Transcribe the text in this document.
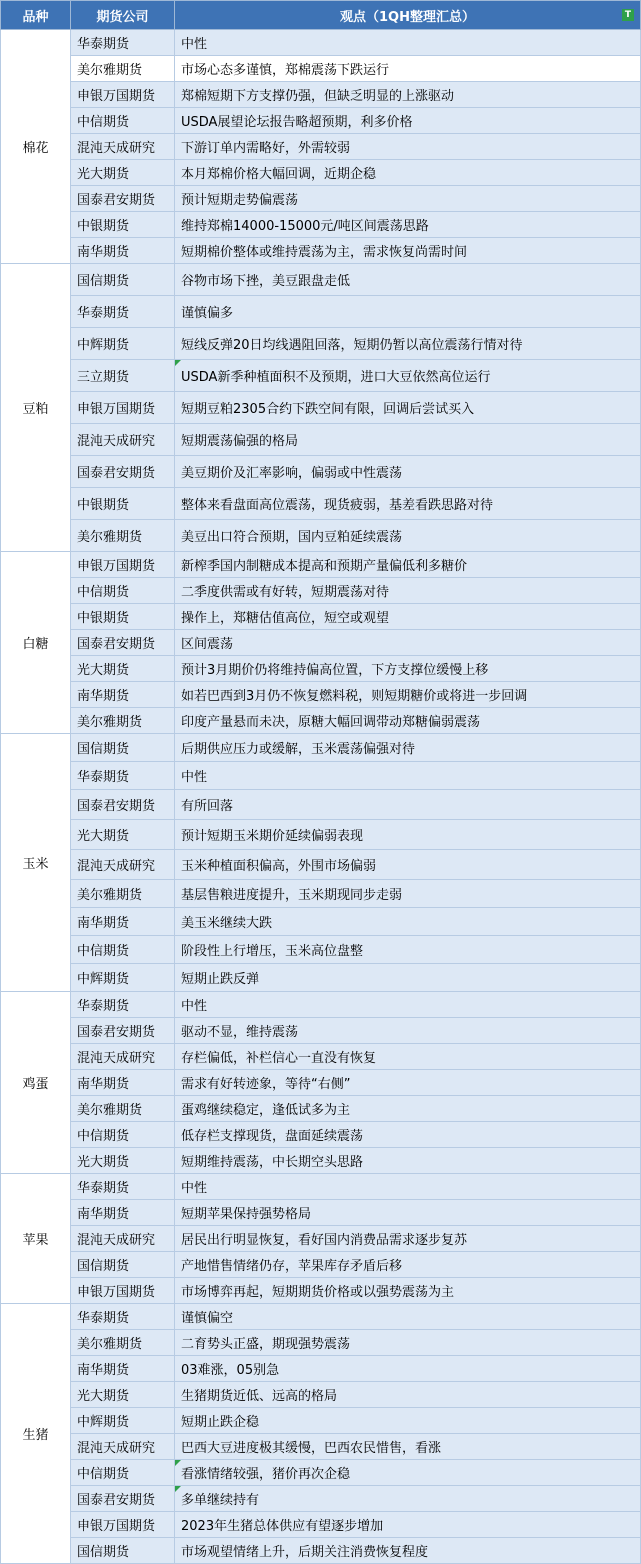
品种	期货公司	观点（1QH整理汇总） T

棉花	华泰期货	中性
	美尔雅期货	市场心态多谨慎，郑棉震荡下跌运行
	申银万国期货	郑棉短期下方支撑仍强，但缺乏明显的上涨驱动
	中信期货	USDA展望论坛报告略超预期，利多价格
	混沌天成研究	下游订单内需略好，外需较弱
	光大期货	本月郑棉价格大幅回调，近期企稳
	国泰君安期货	预计短期走势偏震荡
	中银期货	维持郑棉14000-15000元/吨区间震荡思路
	南华期货	短期棉价整体或维持震荡为主，需求恢复尚需时间
豆粕	国信期货	谷物市场下挫，美豆跟盘走低
	华泰期货	谨慎偏多
	中辉期货	短线反弹20日均线遇阻回落，短期仍暂以高位震荡行情对待
	三立期货	USDA新季种植面积不及预期，进口大豆依然高位运行
	申银万国期货	短期豆粕2305合约下跌空间有限，回调后尝试买入
	混沌天成研究	短期震荡偏强的格局
	国泰君安期货	美豆期价及汇率影响，偏弱或中性震荡
	中银期货	整体来看盘面高位震荡，现货疲弱，基差看跌思路对待
	美尔雅期货	美豆出口符合预期，国内豆粕延续震荡
白糖	申银万国期货	新榨季国内制糖成本提高和预期产量偏低利多糖价
	中信期货	二季度供需或有好转，短期震荡对待
	中银期货	操作上，郑糖估值高位，短空或观望
	国泰君安期货	区间震荡
	光大期货	预计3月期价仍将维持偏高位置，下方支撑位缓慢上移
	南华期货	如若巴西到3月仍不恢复燃料税，则短期糖价或将进一步回调
	美尔雅期货	印度产量悬而未决，原糖大幅回调带动郑糖偏弱震荡
玉米	国信期货	后期供应压力或缓解，玉米震荡偏强对待
	华泰期货	中性
	国泰君安期货	有所回落
	光大期货	预计短期玉米期价延续偏弱表现
	混沌天成研究	玉米种植面积偏高，外围市场偏弱
	美尔雅期货	基层售粮进度提升，玉米期现同步走弱
	南华期货	美玉米继续大跌
	中信期货	阶段性上行增压，玉米高位盘整
	中辉期货	短期止跌反弹
鸡蛋	华泰期货	中性
	国泰君安期货	驱动不显，维持震荡
	混沌天成研究	存栏偏低，补栏信心一直没有恢复
	南华期货	需求有好转迹象，等待“右侧”
	美尔雅期货	蛋鸡继续稳定，逢低试多为主
	中信期货	低存栏支撑现货，盘面延续震荡
	光大期货	短期维持震荡，中长期空头思路
苹果	华泰期货	中性
	南华期货	短期苹果保持强势格局
	混沌天成研究	居民出行明显恢复，看好国内消费品需求逐步复苏
	国信期货	产地惜售情绪仍存，苹果库存矛盾后移
	申银万国期货	市场博弈再起，短期期货价格或以强势震荡为主
生猪	华泰期货	谨慎偏空
	美尔雅期货	二育势头正盛，期现强势震荡
	南华期货	03难涨，05别急
	光大期货	生猪期货近低、远高的格局
	中辉期货	短期止跌企稳
	混沌天成研究	巴西大豆进度极其缓慢，巴西农民惜售，看涨
	中信期货	看涨情绪较强，猪价再次企稳
	国泰君安期货	多单继续持有
	申银万国期货	2023年生猪总体供应有望逐步增加
	国信期货	市场观望情绪上升，后期关注消费恢复程度
